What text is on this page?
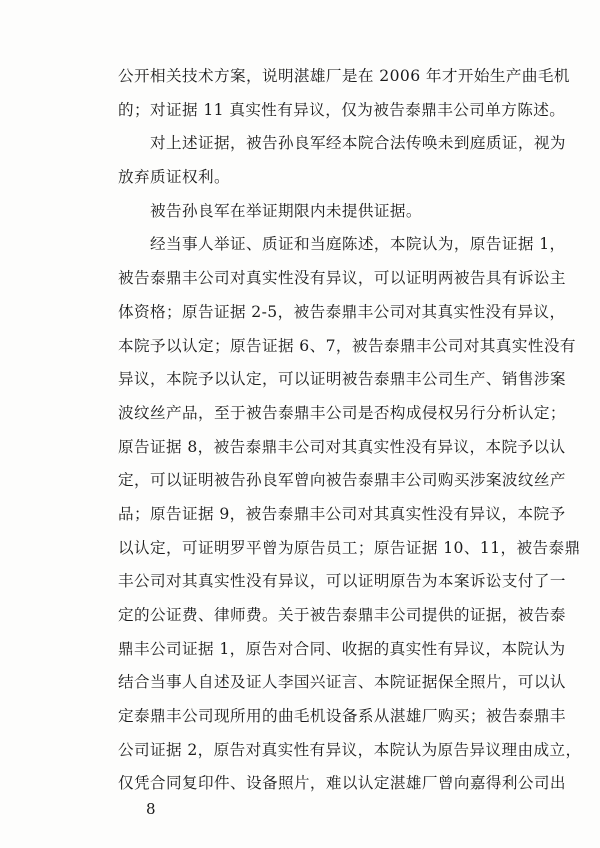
公开相关技术方案，说明湛雄厂是在 2006 年才开始生产曲毛机
的；对证据 11 真实性有异议，仅为被告泰鼎丰公司单方陈述。
对上述证据，被告孙良军经本院合法传唤未到庭质证，视为
放弃质证权利。
被告孙良军在举证期限内未提供证据。
经当事人举证、质证和当庭陈述，本院认为，原告证据 1，
被告泰鼎丰公司对真实性没有异议，可以证明两被告具有诉讼主
体资格；原告证据 2-5，被告泰鼎丰公司对其真实性没有异议，
本院予以认定；原告证据 6、7，被告泰鼎丰公司对其真实性没有
异议，本院予以认定，可以证明被告泰鼎丰公司生产、销售涉案
波纹丝产品，至于被告泰鼎丰公司是否构成侵权另行分析认定；
原告证据 8，被告泰鼎丰公司对其真实性没有异议，本院予以认
定，可以证明被告孙良军曾向被告泰鼎丰公司购买涉案波纹丝产
品；原告证据 9，被告泰鼎丰公司对其真实性没有异议，本院予
以认定，可证明罗平曾为原告员工；原告证据 10、11，被告泰鼎
丰公司对其真实性没有异议，可以证明原告为本案诉讼支付了一
定的公证费、律师费。关于被告泰鼎丰公司提供的证据，被告泰
鼎丰公司证据 1，原告对合同、收据的真实性有异议，本院认为
结合当事人自述及证人李国兴证言、本院证据保全照片，可以认
定泰鼎丰公司现所用的曲毛机设备系从湛雄厂购买；被告泰鼎丰
公司证据 2，原告对真实性有异议，本院认为原告异议理由成立，
仅凭合同复印件、设备照片，难以认定湛雄厂曾向嘉得利公司出
8
